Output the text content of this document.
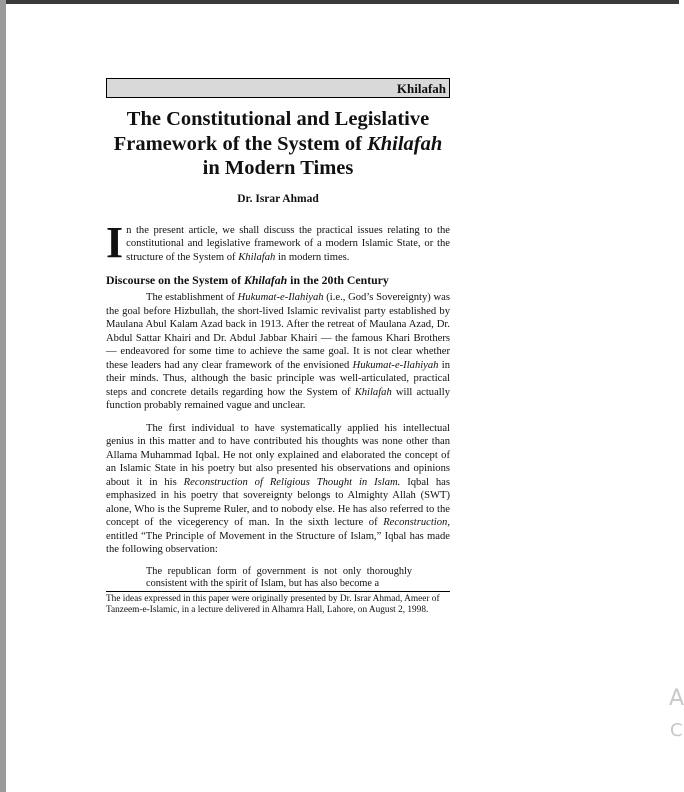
Khilafah
The Constitutional and Legislative
Framework of the System of Khilafah
in Modern Times
Dr. Israr Ahmad
In the present article, we shall discuss the practical issues relating to the constitutional and legislative framework of a modern Islamic State, or the structure of the System of Khilafah in modern times.
Discourse on the System of Khilafah in the 20th Century
The establishment of Hukumat-e-Ilahiyah (i.e., God’s Sovereignty) was the goal before Hizbullah, the short-lived Islamic revivalist party established by Maulana Abul Kalam Azad back in 1913. After the retreat of Maulana Azad, Dr. Abdul Sattar Khairi and Dr. Abdul Jabbar Khairi — the famous Khari Brothers — endeavored for some time to achieve the same goal. It is not clear whether these leaders had any clear framework of the envisioned Hukumat-e-Ilahiyah in their minds. Thus, although the basic principle was well-articulated, practical steps and concrete details regarding how the System of Khilafah will actually function probably remained vague and unclear.
The first individual to have systematically applied his intellectual genius in this matter and to have contributed his thoughts was none other than Allama Muhammad Iqbal. He not only explained and elaborated the concept of an Islamic State in his poetry but also presented his observations and opinions about it in his Reconstruction of Religious Thought in Islam. Iqbal has emphasized in his poetry that sovereignty belongs to Almighty Allah (SWT) alone, Who is the Supreme Ruler, and to nobody else. He has also referred to the concept of the vicegerency of man. In the sixth lecture of Reconstruction, entitled “The Principle of Movement in the Structure of Islam,” Iqbal has made the following observation:
The republican form of government is not only thoroughly consistent with the spirit of Islam, but has also become a
The ideas expressed in this paper were originally presented by Dr. Israr Ahmad, Ameer of Tanzeem-e-Islamic, in a lecture delivered in Alhamra Hall, Lahore, on August 2, 1998.
A
C
